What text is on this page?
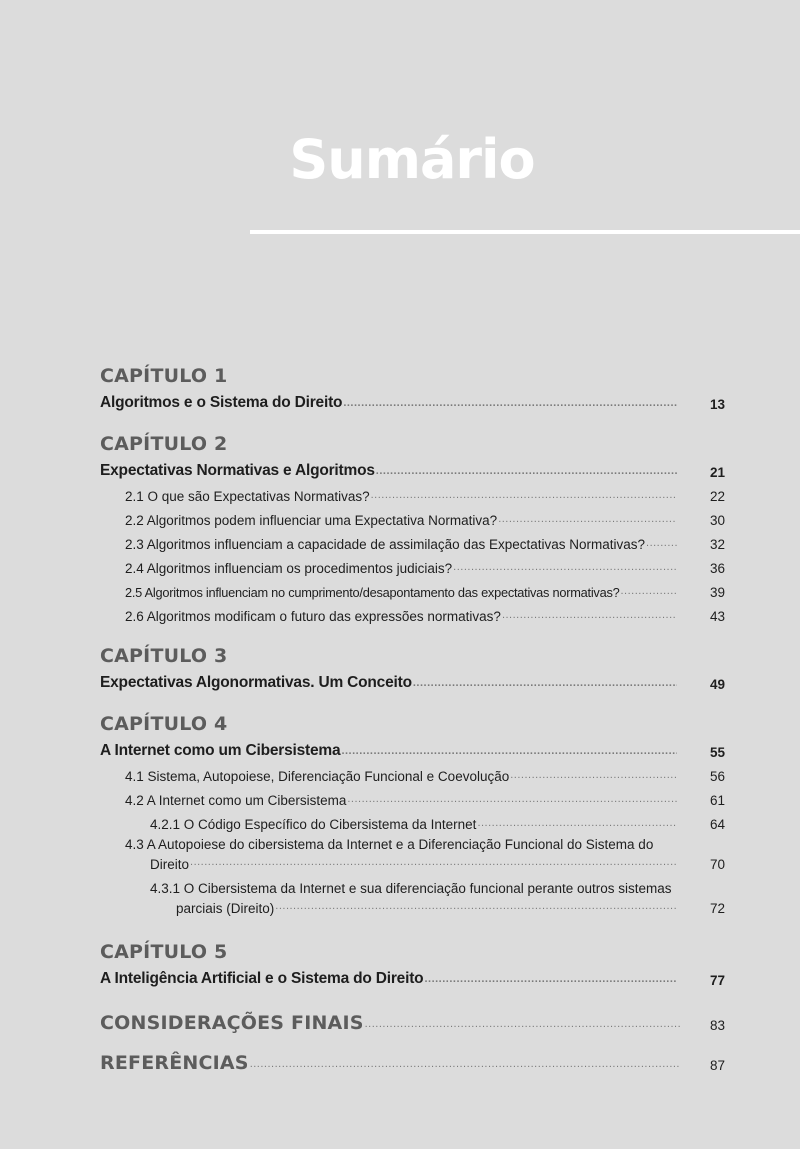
Sumário
CAPÍTULO 1
Algoritmos e o Sistema do Direito .....	13
CAPÍTULO 2
Expectativas Normativas e Algoritmos .....	21
2.1 O que são Expectativas Normativas? .....	22
2.2 Algoritmos podem influenciar uma Expectativa Normativa? .....	30
2.3 Algoritmos influenciam a capacidade de assimilação das Expectativas Normativas? .....	32
2.4 Algoritmos influenciam os procedimentos judiciais? .....	36
2.5 Algoritmos influenciam no cumprimento/desapontamento das expectativas normativas? .....	39
2.6 Algoritmos modificam o futuro das expressões normativas? .....	43
CAPÍTULO 3
Expectativas Algonormativas. Um Conceito .....	49
CAPÍTULO 4
A Internet como um Cibersistema .....	55
4.1 Sistema, Autopoiese, Diferenciação Funcional e Coevolução .....	56
4.2 A Internet como um Cibersistema .....	61
4.2.1 O Código Específico do Cibersistema da Internet .....	64
4.3 A Autopoiese do cibersistema da Internet e a Diferenciação Funcional do Sistema do
Direito .....	70
4.3.1 O Cibersistema da Internet e sua diferenciação funcional perante outros sistemas
parciais (Direito) .....	72
CAPÍTULO 5
A Inteligência Artificial e o Sistema do Direito .....	77
CONSIDERAÇÕES FINAIS .....	83
REFERÊNCIAS .....	87
